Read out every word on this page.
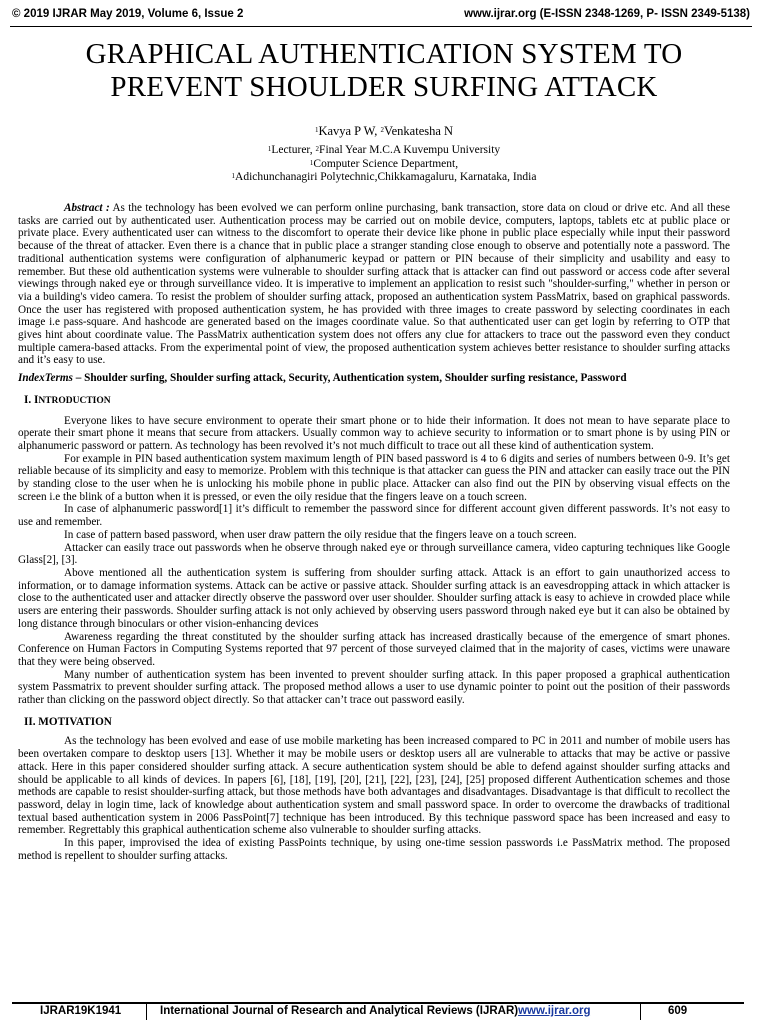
© 2019 IJRAR May 2019, Volume 6, Issue 2	www.ijrar.org (E-ISSN 2348-1269, P- ISSN 2349-5138)
GRAPHICAL AUTHENTICATION SYSTEM TO
PREVENT SHOULDER SURFING ATTACK
$^1$Kavya P W, $^2$Venkatesha N
$^1$Lecturer, $^2$Final Year M.C.A Kuvempu University
$^1$Computer Science Department,
$^1$Adichunchanagiri Polytechnic,Chikkamagaluru, Karnataka, India

Abstract : As the technology has been evolved we can perform online purchasing, bank transaction, store data on cloud or drive etc. And all these tasks are carried out by authenticated user. Authentication process may be carried out on mobile device, computers, laptops, tablets etc at public place or private place. Every authenticated user can witness to the discomfort to operate their device like phone in public place especially while input their password because of the threat of attacker. Even there is a chance that in public place a stranger standing close enough to observe and potentially note a password. The traditional authentication systems were configuration of alphanumeric keypad or pattern or PIN because of their simplicity and usability and easy to remember. But these old authentication systems were vulnerable to shoulder surfing attack that is attacker can find out password or access code after several viewings through naked eye or through surveillance video. It is imperative to implement an application to resist such "shoulder-surfing," whether in person or via a building's video camera. To resist the problem of shoulder surfing attack, proposed an authentication system PassMatrix, based on graphical passwords. Once the user has registered with proposed authentication system, he has provided with three images to create password by selecting coordinates in each image i.e pass-square. And hashcode are generated based on the images coordinate value. So that authenticated user can get login by referring to OTP that gives hint about coordinate value. The PassMatrix authentication system does not offers any clue for attackers to trace out the password even they conduct multiple camera-based attacks. From the experimental point of view, the proposed authentication system achieves better resistance to shoulder surfing attacks and it’s easy to use.

IndexTerms – Shoulder surfing, Shoulder surfing attack, Security, Authentication system, Shoulder surfing resistance, Password

I. INTRODUCTION

Everyone likes to have secure environment to operate their smart phone or to hide their information. It does not mean to have separate place to operate their smart phone it means that secure from attackers. Usually common way to achieve security to information or to smart phone is by using PIN or alphanumeric password or pattern. As technology has been revolved it’s not much difficult to trace out all these kind of authentication system.

For example in PIN based authentication system maximum length of PIN based password is 4 to 6 digits and series of numbers between 0-9. It’s get reliable because of its simplicity and easy to memorize. Problem with this technique is that attacker can guess the PIN and attacker can easily trace out the PIN by standing close to the user when he is unlocking his mobile phone in public place. Attacker can also find out the PIN by observing visual effects on the screen i.e the blink of a button when it is pressed, or even the oily residue that the fingers leave on a touch screen.

In case of alphanumeric password[1] it’s difficult to remember the password since for different account given different passwords. It’s not easy to use and remember.

In case of pattern based password, when user draw pattern the oily residue that the fingers leave on a touch screen.

Attacker can easily trace out passwords when he observe through naked eye or through surveillance camera, video capturing techniques like Google Glass[2], [3].

Above mentioned all the authentication system is suffering from shoulder surfing attack. Attack is an effort to gain unauthorized access to information, or to damage information systems. Attack can be active or passive attack. Shoulder surfing attack is an eavesdropping attack in which attacker is close to the authenticated user and attacker directly observe the password over user shoulder. Shoulder surfing attack is easy to achieve in crowded place while users are entering their passwords. Shoulder surfing attack is not only achieved by observing users password through naked eye but it can also be obtained by long distance through binoculars or other vision-enhancing devices

Awareness regarding the threat constituted by the shoulder surfing attack has increased drastically because of the emergence of smart phones. Conference on Human Factors in Computing Systems reported that 97 percent of those surveyed claimed that in the majority of cases, victims were unaware that they were being observed.

Many number of authentication system has been invented to prevent shoulder surfing attack. In this paper proposed a graphical authentication system Passmatrix to prevent shoulder surfing attack. The proposed method allows a user to use dynamic pointer to point out the position of their passwords rather than clicking on the password object directly. So that attacker can’t trace out password easily.

II. MOTIVATION

As the technology has been evolved and ease of use mobile marketing has been increased compared to PC in 2011 and number of mobile users has been overtaken compare to desktop users [13]. Whether it may be mobile users or desktop users all are vulnerable to attacks that may be active or passive attack. Here in this paper considered shoulder surfing attack. A secure authentication system should be able to defend against shoulder surfing attacks and should be applicable to all kinds of devices. In papers [6], [18], [19], [20], [21], [22], [23], [24], [25] proposed different Authentication schemes and those methods are capable to resist shoulder-surfing attack, but those methods have both advantages and disadvantages. Disadvantage is that difficult to recollect the password, delay in login time, lack of knowledge about authentication system and small password space. In order to overcome the drawbacks of traditional textual based authentication system in 2006 PassPoint[7] technique has been introduced. By this technique password space has been increased and easy to remember. Regrettably this graphical authentication scheme also vulnerable to shoulder surfing attacks.

In this paper, improvised the idea of existing PassPoints technique, by using one-time session passwords i.e PassMatrix method. The proposed method is repellent to shoulder surfing attacks.

IJRAR19K1941	International Journal of Research and Analytical Reviews (IJRAR)www.ijrar.org	609
